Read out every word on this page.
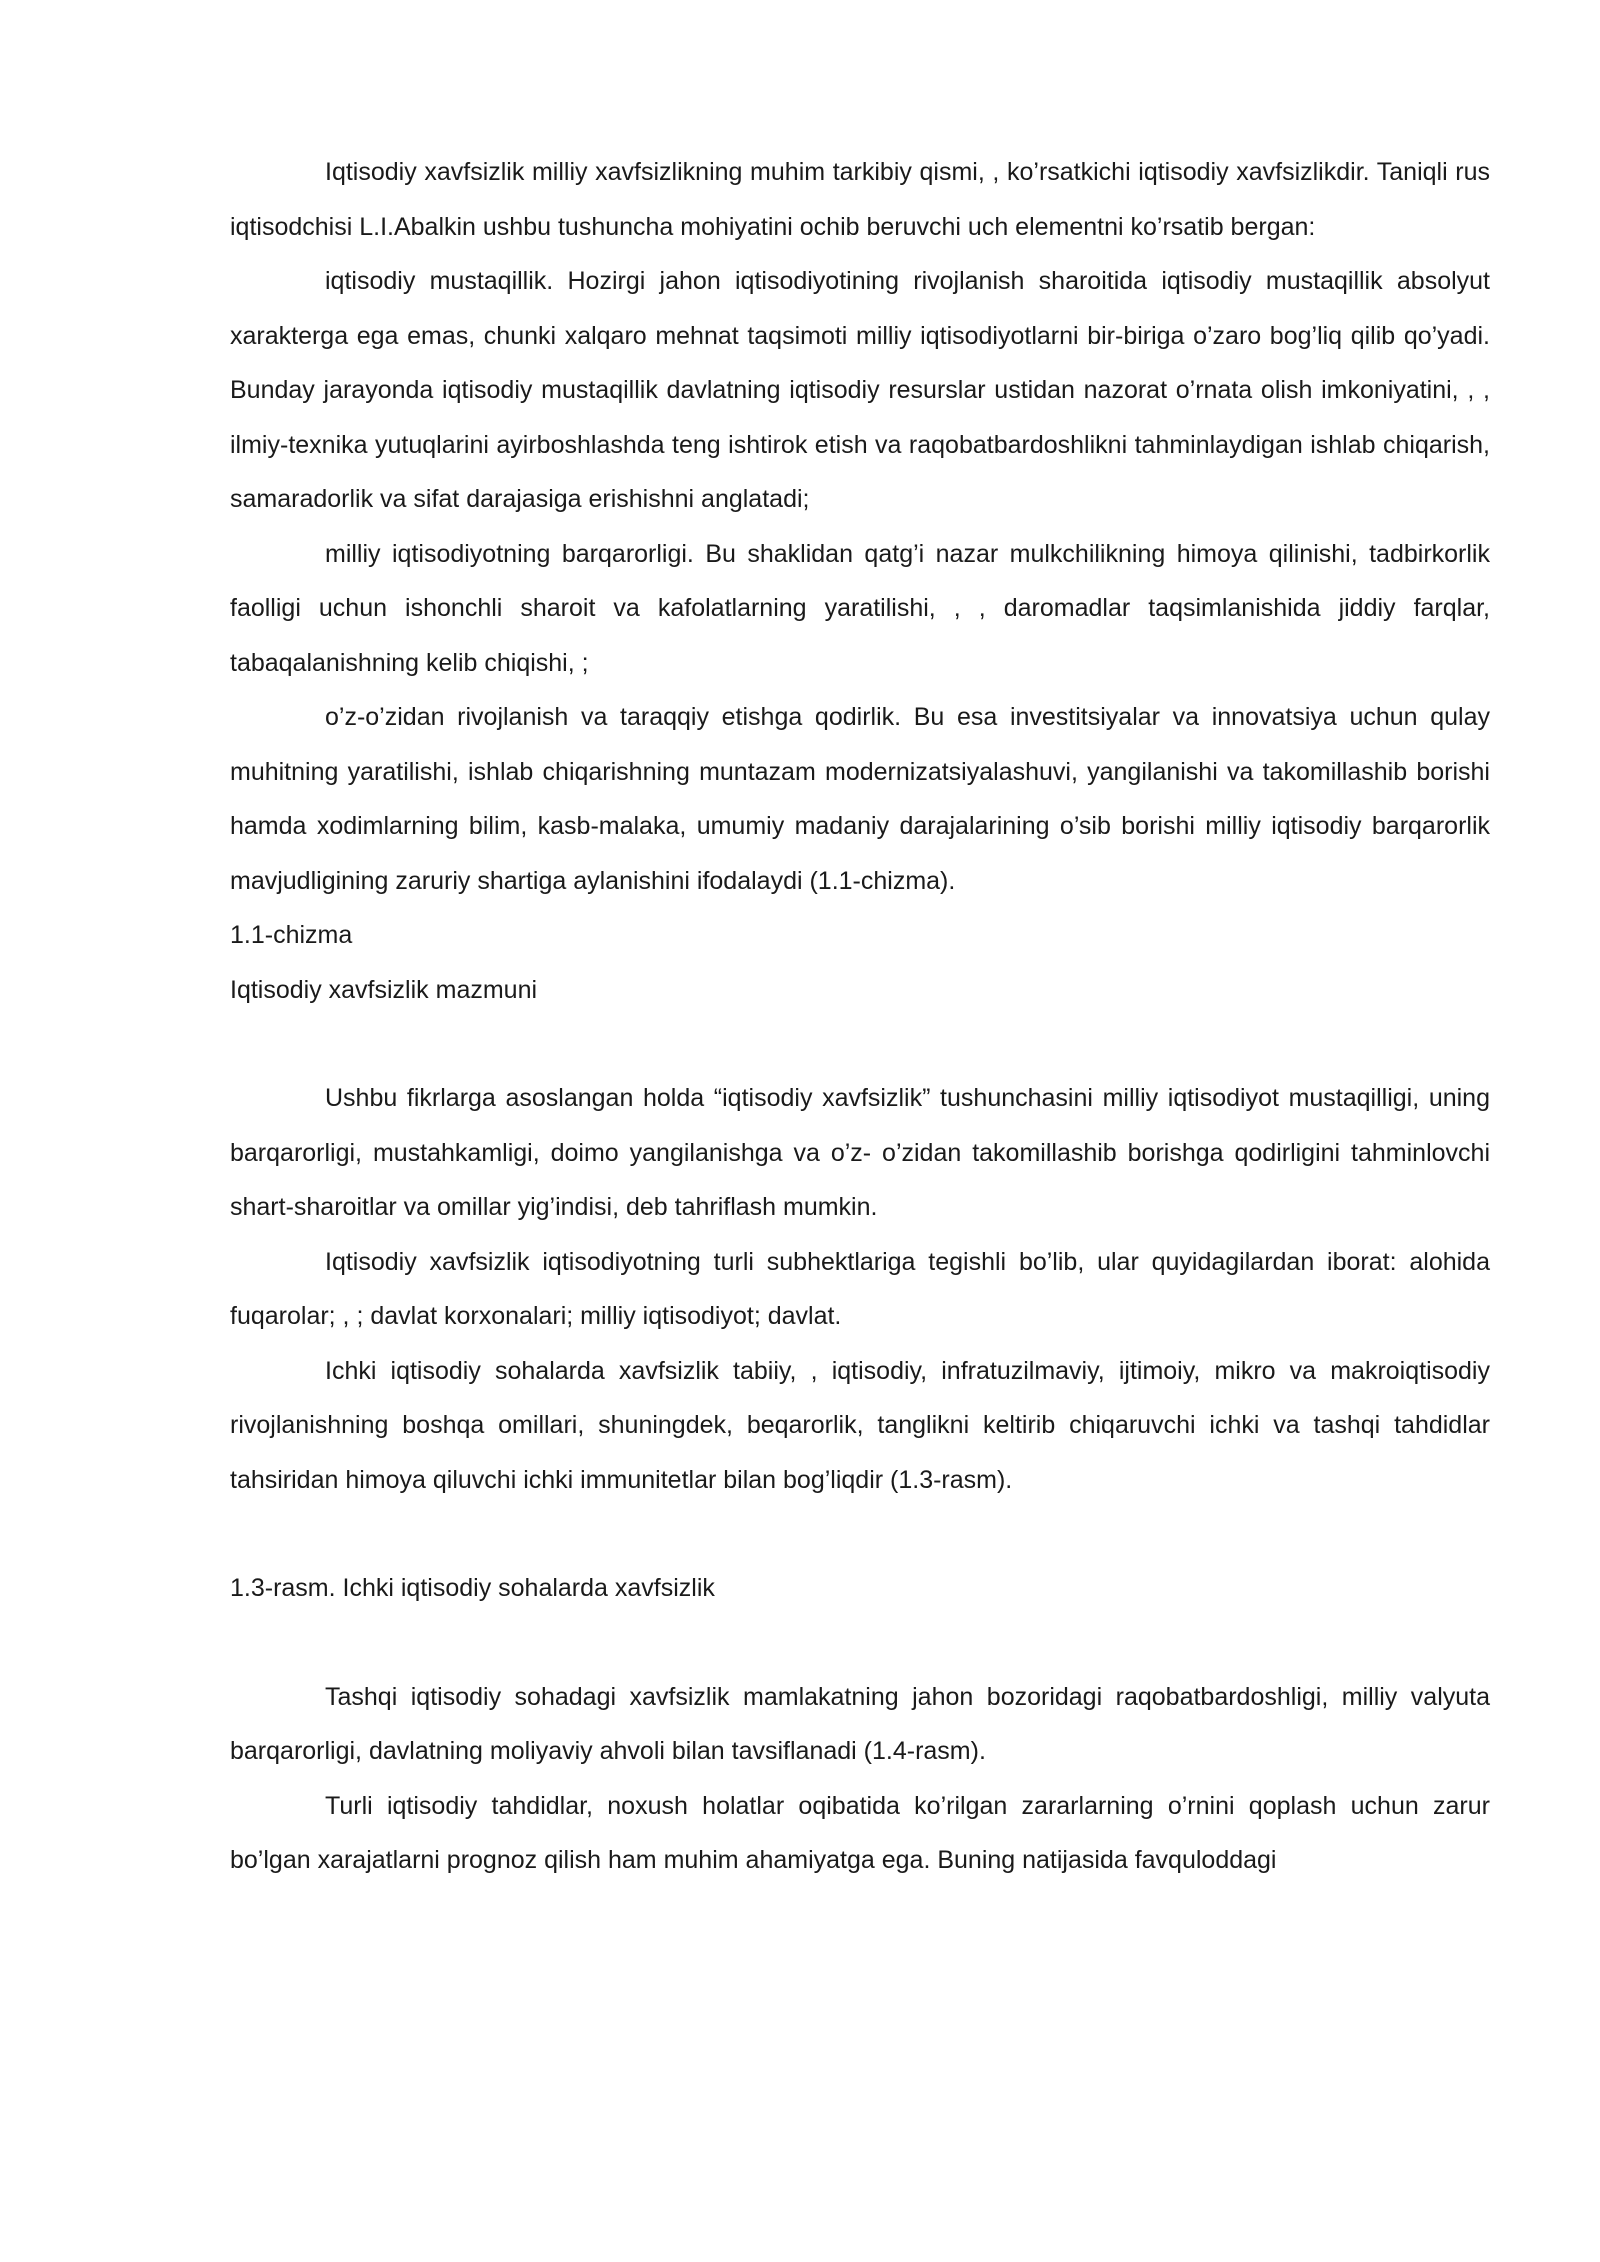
Iqtisodiy xavfsizlik milliy xavfsizlikning muhim tarkibiy qismi, , ko’rsatkichi iqtisodiy xavfsizlikdir. Taniqli rus iqtisodchisi L.I.Abalkin ushbu tushuncha mohiyatini ochib beruvchi uch elementni ko’rsatib bergan:

iqtisodiy mustaqillik. Hozirgi jahon iqtisodiyotining rivojlanish sharoitida iqtisodiy mustaqillik absolyut xarakterga ega emas, chunki xalqaro mehnat taqsimoti milliy iqtisodiyotlarni bir-biriga o’zaro bog’liq qilib qo’yadi. Bunday jarayonda iqtisodiy mustaqillik davlatning iqtisodiy resurslar ustidan nazorat o’rnata olish imkoniyatini, , , ilmiy-texnika yutuqlarini ayirboshlashda teng ishtirok etish va raqobatbardoshlikni tahminlaydigan ishlab chiqarish, samaradorlik va sifat darajasiga erishishni anglatadi;

milliy iqtisodiyotning barqarorligi. Bu shaklidan qatg’i nazar mulkchilikning himoya qilinishi, tadbirkorlik faolligi uchun ishonchli sharoit va kafolatlarning yaratilishi, , , daromadlar taqsimlanishida jiddiy farqlar, tabaqalanishning kelib chiqishi, ;

o’z-o’zidan rivojlanish va taraqqiy etishga qodirlik. Bu esa investitsiyalar va innovatsiya uchun qulay muhitning yaratilishi, ishlab chiqarishning muntazam modernizatsiyalashuvi, yangilanishi va takomillashib borishi hamda xodimlarning bilim, kasb-malaka, umumiy madaniy darajalarining o’sib borishi milliy iqtisodiy barqarorlik mavjudligining zaruriy shartiga aylanishini ifodalaydi (1.1-chizma).

1.1-chizma

Iqtisodiy xavfsizlik mazmuni

Ushbu fikrlarga asoslangan holda “iqtisodiy xavfsizlik” tushunchasini milliy iqtisodiyot mustaqilligi, uning barqarorligi, mustahkamligi, doimo yangilanishga va o’z- o’zidan takomillashib borishga qodirligini tahminlovchi shart-sharoitlar va omillar yig’indisi, deb tahriflash mumkin.

Iqtisodiy xavfsizlik iqtisodiyotning turli subhektlariga tegishli bo’lib, ular quyidagilardan iborat: alohida fuqarolar; , ; davlat korxonalari; milliy iqtisodiyot; davlat.

Ichki iqtisodiy sohalarda xavfsizlik tabiiy, , iqtisodiy, infratuzilmaviy, ijtimoiy, mikro va makroiqtisodiy rivojlanishning boshqa omillari, shuningdek, beqarorlik, tanglikni keltirib chiqaruvchi ichki va tashqi tahdidlar tahsiridan himoya qiluvchi ichki immunitetlar bilan bog’liqdir (1.3-rasm).

1.3-rasm. Ichki iqtisodiy sohalarda xavfsizlik

Tashqi iqtisodiy sohadagi xavfsizlik mamlakatning jahon bozoridagi raqobatbardoshligi, milliy valyuta barqarorligi, davlatning moliyaviy ahvoli bilan tavsiflanadi (1.4-rasm).

Turli iqtisodiy tahdidlar, noxush holatlar oqibatida ko’rilgan zararlarning o’rnini qoplash uchun zarur bo’lgan xarajatlarni prognoz qilish ham muhim ahamiyatga ega. Buning natijasida favquloddagi
